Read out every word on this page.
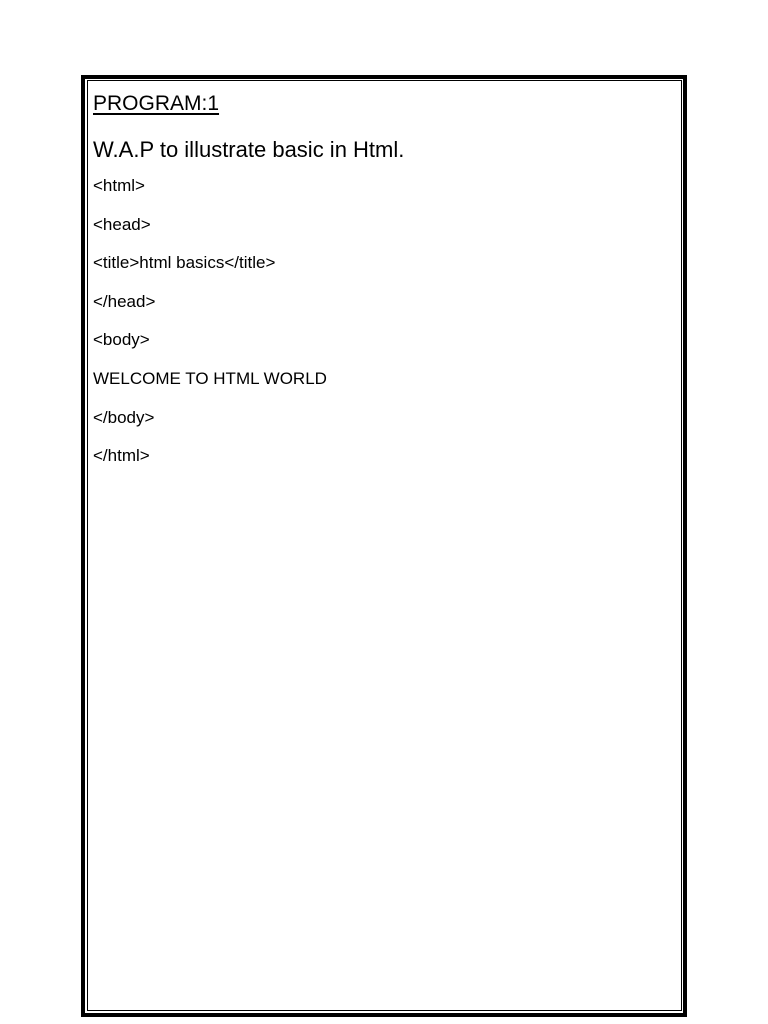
PROGRAM:1
W.A.P to illustrate basic in Html.
<html>
<head>
<title>html basics</title>
</head>
<body>
WELCOME TO HTML WORLD
</body>
</html>
